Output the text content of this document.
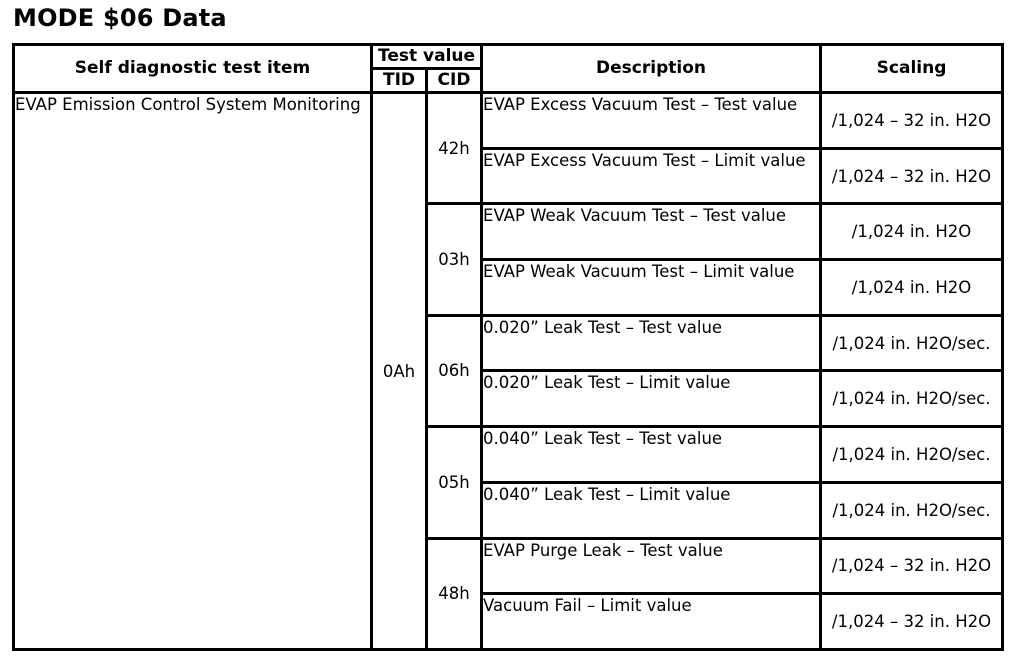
MODE $06 Data
Self diagnostic test item	Test value		Description	Scaling
	TID	CID		
EVAP Emission Control System Monitoring	0Ah	42h	EVAP Excess Vacuum Test – Test value	/1,024 – 32 in. H2O
			EVAP Excess Vacuum Test – Limit value	/1,024 – 32 in. H2O
		03h	EVAP Weak Vacuum Test – Test value	/1,024 in. H2O
			EVAP Weak Vacuum Test – Limit value	/1,024 in. H2O
		06h	0.020” Leak Test – Test value	/1,024 in. H2O/sec.
			0.020” Leak Test – Limit value	/1,024 in. H2O/sec.
		05h	0.040” Leak Test – Test value	/1,024 in. H2O/sec.
			0.040” Leak Test – Limit value	/1,024 in. H2O/sec.
		48h	EVAP Purge Leak – Test value	/1,024 – 32 in. H2O
			Vacuum Fail – Limit value	/1,024 – 32 in. H2O
